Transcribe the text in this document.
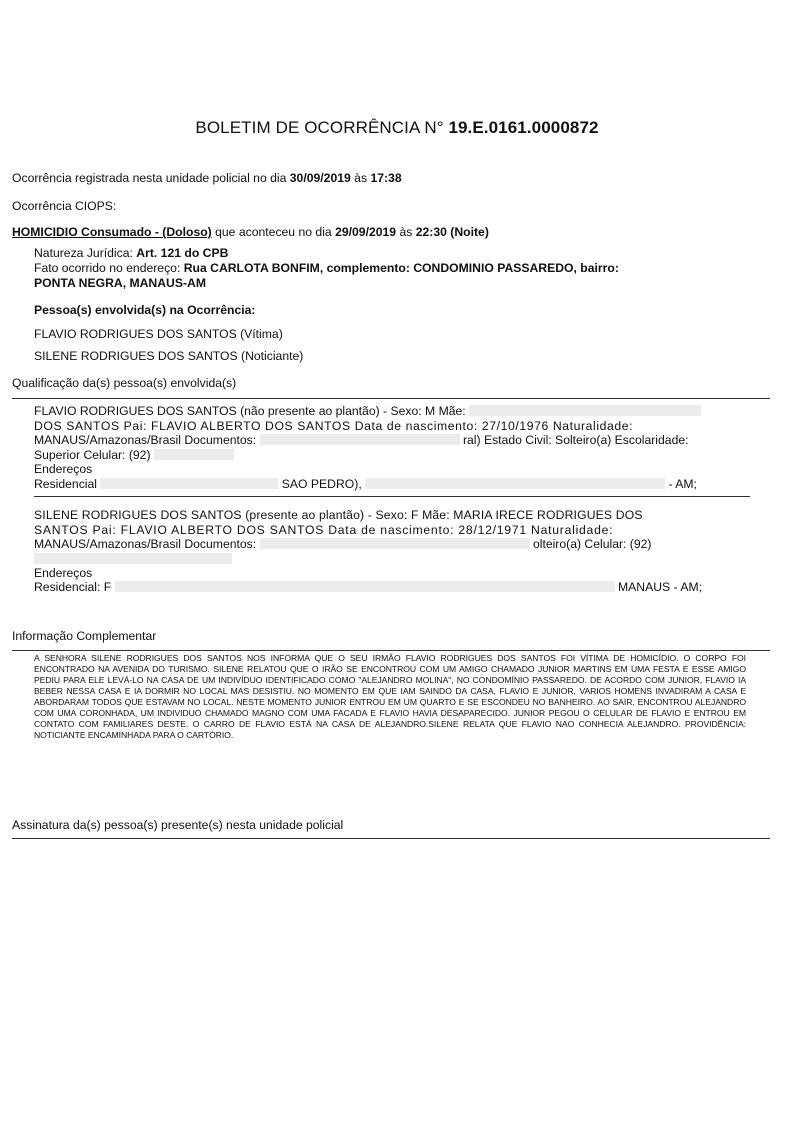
BOLETIM DE OCORRÊNCIA N° 19.E.0161.0000872
Ocorrência registrada nesta unidade policial no dia 30/09/2019 às 17:38
Ocorrência CIOPS:
HOMICIDIO Consumado - (Doloso) que aconteceu no dia 29/09/2019 às 22:30 (Noite)
Natureza Jurídica: Art. 121 do CPB
Fato ocorrido no endereço: Rua CARLOTA BONFIM, complemento: CONDOMINIO PASSAREDO, bairro:
PONTA NEGRA, MANAUS-AM
Pessoa(s) envolvida(s) na Ocorrência:
FLAVIO RODRIGUES DOS SANTOS (Vítima)
SILENE RODRIGUES DOS SANTOS (Noticiante)
Qualificação da(s) pessoa(s) envolvida(s)
FLAVIO RODRIGUES DOS SANTOS (não presente ao plantão) - Sexo: M Mãe:
DOS SANTOS Pai: FLAVIO ALBERTO DOS SANTOS Data de nascimento: 27/10/1976 Naturalidade:
MANAUS/Amazonas/Brasil Documentos:	ral) Estado Civil: Solteiro(a) Escolaridade:
Superior Celular: (92)
Endereços
Residencial	SAO PEDRO),	- AM;
SILENE RODRIGUES DOS SANTOS (presente ao plantão) - Sexo: F Mãe: MARIA IRECE RODRIGUES DOS
SANTOS Pai: FLAVIO ALBERTO DOS SANTOS Data de nascimento: 28/12/1971 Naturalidade:
MANAUS/Amazonas/Brasil Documentos:	olteiro(a) Celular: (92)
Endereços
Residencial: F	MANAUS - AM;
Informação Complementar
A SENHORA SILENE RODRIGUES DOS SANTOS NOS INFORMA QUE O SEU IRMÃO FLAVIO RODRIGUES DOS SANTOS FOI VÍTIMA DE HOMICÍDIO. O CORPO FOI ENCONTRADO NA AVENIDA DO TURISMO. SILENE RELATOU QUE O IRÃO SE ENCONTROU COM UM AMIGO CHAMADO JUNIOR MARTINS EM UMA FESTA E ESSE AMIGO PEDIU PARA ELE LEVÁ-LO NA CASA DE UM INDIVÍDUO IDENTIFICADO COMO "ALEJANDRO MOLINA", NO CONDOMÍNIO PASSAREDO. DE ACORDO COM JUNIOR, FLAVIO IA BEBER NESSA CASA E IA DORMIR NO LOCAL MAS DESISTIU. NO MOMENTO EM QUE IAM SAINDO DA CASA, FLAVIO E JUNIOR, VARIOS HOMENS INVADIRAM A CASA E ABORDARAM TODOS QUE ESTAVAM NO LOCAL. NESTE MOMENTO JUNIOR ENTROU EM UM QUARTO E SE ESCONDEU NO BANHEIRO. AO SAIR, ENCONTROU ALEJANDRO COM UMA CORONHADA, UM INDIVIDUO CHAMADO MAGNO COM UMA FACADA E FLAVIO HAVIA DESAPARECIDO. JUNIOR PEGOU O CELULAR DE FLAVIO E ENTROU EM CONTATO COM FAMILIARES DESTE. O CARRO DE FLAVIO ESTÁ NA CASA DE ALEJANDRO.SILENE RELATA QUE FLAVIO NAO CONHECIA ALEJANDRO. PROVIDÊNCIA: NOTICIANTE ENCAMINHADA PARA O CARTÓRIO.
Assinatura da(s) pessoa(s) presente(s) nesta unidade policial
